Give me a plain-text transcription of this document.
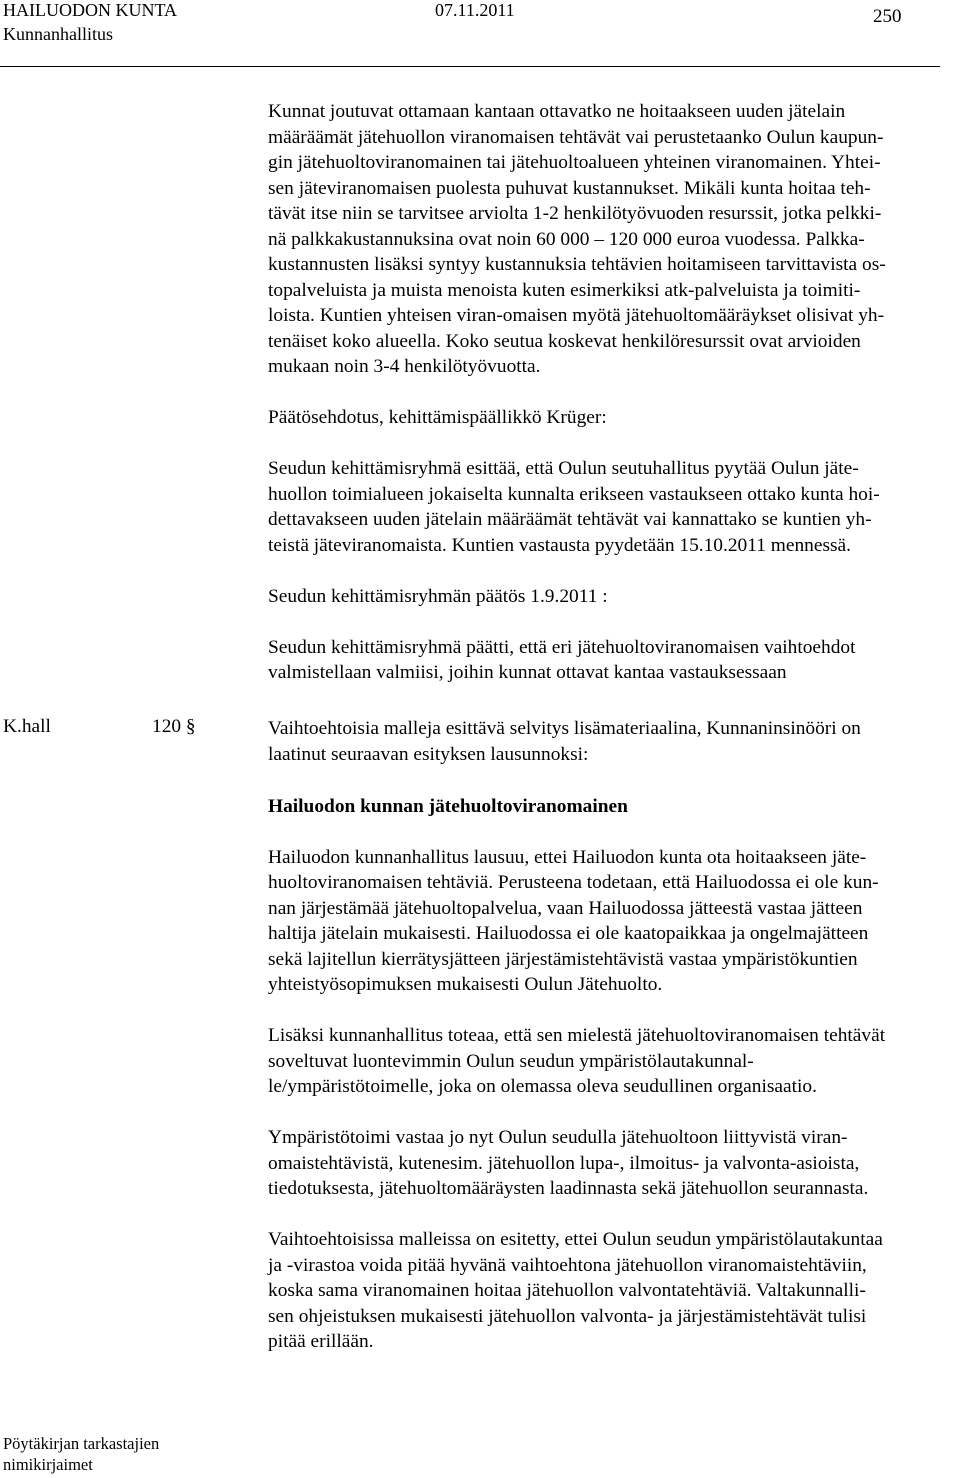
HAILUODON KUNTA	07.11.2011	250
Kunnanhallitus
Kunnat joutuvat ottamaan kantaan ottavatko ne hoitaakseen uuden jätelain
määräämät jätehuollon viranomaisen tehtävät vai perustetaanko Oulun kaupun-
gin jätehuoltoviranomainen tai jätehuoltoalueen yhteinen viranomainen. Yhtei-
sen jäteviranomaisen puolesta puhuvat kustannukset. Mikäli kunta hoitaa teh-
tävät itse niin se tarvitsee arviolta 1-2 henkilötyövuoden resurssit, jotka pelkki-
nä palkkakustannuksina ovat noin 60 000 – 120 000 euroa vuodessa. Palkka-
kustannusten lisäksi syntyy kustannuksia tehtävien hoitamiseen tarvittavista os-
topalveluista ja muista menoista kuten esimerkiksi atk-palveluista ja toimiti-
loista. Kuntien yhteisen viran-omaisen myötä jätehuoltomääräykset olisivat yh-
tenäiset koko alueella. Koko seutua koskevat henkilöresurssit ovat arvioiden
mukaan noin 3-4 henkilötyövuotta.
Päätösehdotus, kehittämispäällikkö Krüger:
Seudun kehittämisryhmä esittää, että Oulun seutuhallitus pyytää Oulun jäte-
huollon toimialueen jokaiselta kunnalta erikseen vastaukseen ottako kunta hoi-
dettavakseen uuden jätelain määräämät tehtävät vai kannattako se kuntien yh-
teistä jäteviranomaista. Kuntien vastausta pyydetään 15.10.2011 mennessä.
Seudun kehittämisryhmän päätös 1.9.2011 :
Seudun kehittämisryhmä päätti, että eri jätehuoltoviranomaisen vaihtoehdot
valmistellaan valmiisi, joihin kunnat ottavat kantaa vastauksessaan
K.hall	120 §	Vaihtoehtoisia malleja esittävä selvitys lisämateriaalina, Kunnaninsinööri on
laatinut seuraavan esityksen lausunnoksi:
Hailuodon kunnan jätehuoltoviranomainen
Hailuodon kunnanhallitus lausuu, ettei Hailuodon kunta ota hoitaakseen jäte-
huoltoviranomaisen tehtäviä. Perusteena todetaan, että Hailuodossa ei ole kun-
nan järjestämää jätehuoltopalvelua, vaan Hailuodossa jätteestä vastaa jätteen
haltija jätelain mukaisesti. Hailuodossa ei ole kaatopaikkaa ja ongelmajätteen
sekä lajitellun kierrätysjätteen järjestämistehtävistä vastaa ympäristökuntien
yhteistyösopimuksen mukaisesti Oulun Jätehuolto.
Lisäksi kunnanhallitus toteaa, että sen mielestä jätehuoltoviranomaisen tehtävät
soveltuvat luontevimmin Oulun seudun ympäristölautakunnal-
le/ympäristötoimelle, joka on olemassa oleva seudullinen organisaatio.
Ympäristötoimi vastaa jo nyt Oulun seudulla jätehuoltoon liittyvistä viran-
omaistehtävistä, kutenesim. jätehuollon lupa-, ilmoitus- ja valvonta-asioista,
tiedotuksesta, jätehuoltomääräysten laadinnasta sekä jätehuollon seurannasta.
Vaihtoehtoisissa malleissa on esitetty, ettei Oulun seudun ympäristölautakuntaa
ja -virastoa voida pitää hyvänä vaihtoehtona jätehuollon viranomaistehtäviin,
koska sama viranomainen hoitaa jätehuollon valvontatehtäviä. Valtakunnalli-
sen ohjeistuksen mukaisesti jätehuollon valvonta- ja järjestämistehtävät tulisi
pitää erillään.
Pöytäkirjan tarkastajien
nimikirjaimet
